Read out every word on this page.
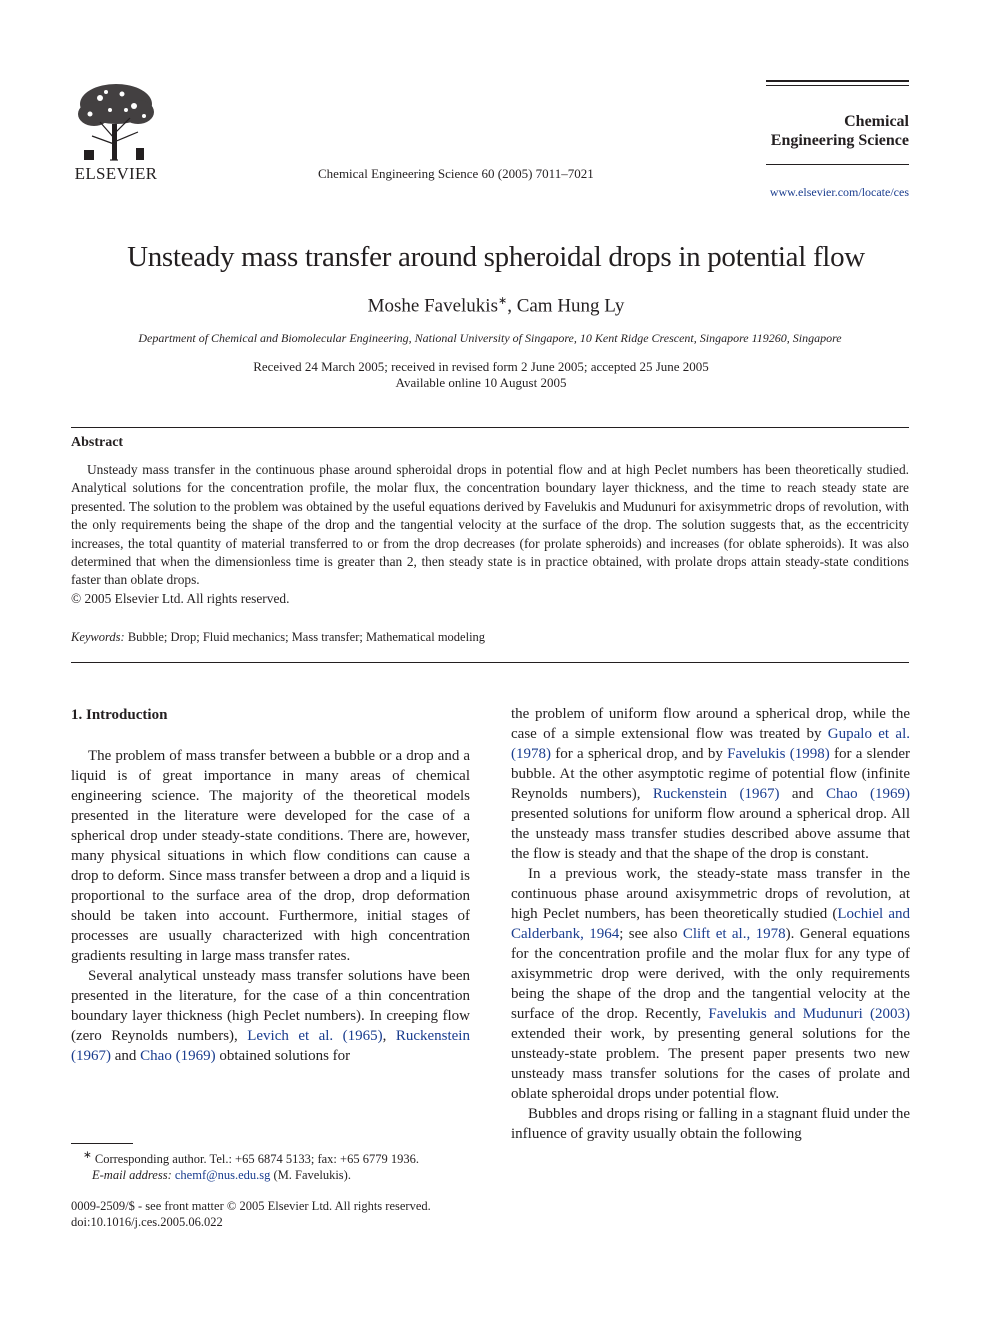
ELSEVIER	Chemical Engineering Science 60 (2005) 7011–7021
Chemical
Engineering Science
www.elsevier.com/locate/ces
Unsteady mass transfer around spheroidal drops in potential flow
Moshe Favelukis∗, Cam Hung Ly
Department of Chemical and Biomolecular Engineering, National University of Singapore, 10 Kent Ridge Crescent, Singapore 119260, Singapore
Received 24 March 2005; received in revised form 2 June 2005; accepted 25 June 2005
Available online 10 August 2005
Abstract

Unsteady mass transfer in the continuous phase around spheroidal drops in potential flow and at high Peclet numbers has been theoretically studied. Analytical solutions for the concentration profile, the molar flux, the concentration boundary layer thickness, and the time to reach steady state are presented. The solution to the problem was obtained by the useful equations derived by Favelukis and Mudunuri for axisymmetric drops of revolution, with the only requirements being the shape of the drop and the tangential velocity at the surface of the drop. The solution suggests that, as the eccentricity increases, the total quantity of material transferred to or from the drop decreases (for prolate spheroids) and increases (for oblate spheroids). It was also determined that when the dimensionless time is greater than 2, then steady state is in practice obtained, with prolate drops attain steady-state conditions faster than oblate drops.

© 2005 Elsevier Ltd. All rights reserved.

Keywords: Bubble; Drop; Fluid mechanics; Mass transfer; Mathematical modeling
1. Introduction

The problem of mass transfer between a bubble or a drop and a liquid is of great importance in many areas of chemical engineering science. The majority of the theoretical models presented in the literature were developed for the case of a spherical drop under steady-state conditions. There are, however, many physical situations in which flow conditions can cause a drop to deform. Since mass transfer between a drop and a liquid is proportional to the surface area of the drop, drop deformation should be taken into account. Furthermore, initial stages of processes are usually characterized with high concentration gradients resulting in large mass transfer rates.

Several analytical unsteady mass transfer solutions have been presented in the literature, for the case of a thin concentration boundary layer thickness (high Peclet numbers). In creeping flow (zero Reynolds numbers), Levich et al. (1965), Ruckenstein (1967) and Chao (1969) obtained solutions for

the problem of uniform flow around a spherical drop, while the case of a simple extensional flow was treated by Gupalo et al. (1978) for a spherical drop, and by Favelukis (1998) for a slender bubble. At the other asymptotic regime of potential flow (infinite Reynolds numbers), Ruckenstein (1967) and Chao (1969) presented solutions for uniform flow around a spherical drop. All the unsteady mass transfer studies described above assume that the flow is steady and that the shape of the drop is constant.

In a previous work, the steady-state mass transfer in the continuous phase around axisymmetric drops of revolution, at high Peclet numbers, has been theoretically studied (Lochiel and Calderbank, 1964; see also Clift et al., 1978). General equations for the concentration profile and the molar flux for any type of axisymmetric drop were derived, with the only requirements being the shape of the drop and the tangential velocity at the surface of the drop. Recently, Favelukis and Mudunuri (2003) extended their work, by presenting general solutions for the unsteady-state problem. The present paper presents two new unsteady mass transfer solutions for the cases of prolate and oblate spheroidal drops under potential flow.

Bubbles and drops rising or falling in a stagnant fluid under the influence of gravity usually obtain the following

∗ Corresponding author. Tel.: +65 6874 5133; fax: +65 6779 1936.
E-mail address: chemf@nus.edu.sg (M. Favelukis).
0009-2509/$ - see front matter © 2005 Elsevier Ltd. All rights reserved.
doi:10.1016/j.ces.2005.06.022
